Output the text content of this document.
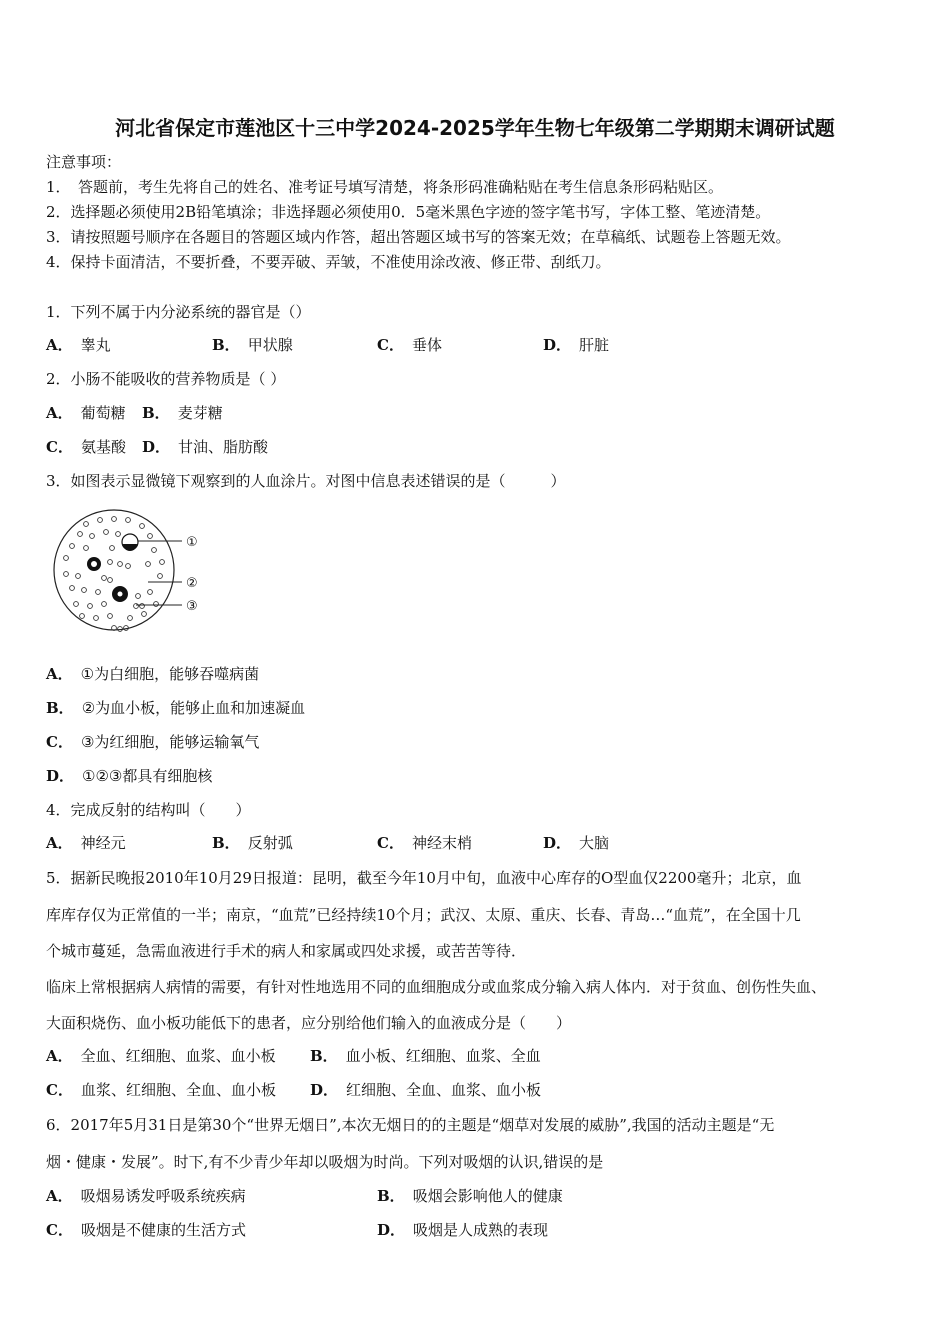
河北省保定市莲池区十三中学2024-2025学年生物七年级第二学期期末调研试题
注意事项：
1．　答题前，考生先将自己的姓名、准考证号填写清楚，将条形码准确粘贴在考生信息条形码粘贴区。
2．选择题必须使用2B铅笔填涂；非选择题必须使用0．5毫米黑色字迹的签字笔书写，字体工整、笔迹清楚。
3．请按照题号顺序在各题目的答题区域内作答，超出答题区域书写的答案无效；在草稿纸、试题卷上答题无效。
4．保持卡面清洁，不要折叠，不要弄破、弄皱，不准使用涂改液、修正带、刮纸刀。
1．下列不属于内分泌系统的器官是（）
A． 睾丸	B． 甲状腺	C． 垂体	D． 肝脏
2．小肠不能吸收的营养物质是（ ）
A． 葡萄糖 B． 麦芽糖
C． 氨基酸 D． 甘油、脂肪酸
3．如图表示显微镜下观察到的人血涂片。对图中信息表述错误的是（　　　）
①
②
③
A． ①为白细胞，能够吞噬病菌
B． ②为血小板，能够止血和加速凝血
C． ③为红细胞，能够运输氧气
D． ①②③都具有细胞核
4．完成反射的结构叫（　　）
A． 神经元	B． 反射弧	C． 神经末梢	D． 大脑
5．据新民晚报2010年10月29日报道：昆明，截至今年10月中旬，血液中心库存的O型血仅2200毫升；北京，血
库库存仅为正常值的一半；南京，“血荒”已经持续10个月；武汉、太原、重庆、长春、青岛…“血荒”，在全国十几
个城市蔓延，急需血液进行手术的病人和家属或四处求援，或苦苦等待．
临床上常根据病人病情的需要，有针对性地选用不同的血细胞成分或血浆成分输入病人体内．对于贫血、创伤性失血、
大面积烧伤、血小板功能低下的患者，应分别给他们输入的血液成分是（　　）
A． 全血、红细胞、血浆、血小板 B． 血小板、红细胞、血浆、全血
C． 血浆、红细胞、全血、血小板 D． 红细胞、全血、血浆、血小板
6．2017年5月31日是第30个“世界无烟日”,本次无烟日的的主题是“烟草对发展的威胁”,我国的活动主题是“无
烟・健康・发展”。时下,有不少青少年却以吸烟为时尚。下列对吸烟的认识,错误的是
A． 吸烟易诱发呼吸系统疾病	B． 吸烟会影响他人的健康
C． 吸烟是不健康的生活方式	D． 吸烟是人成熟的表现
